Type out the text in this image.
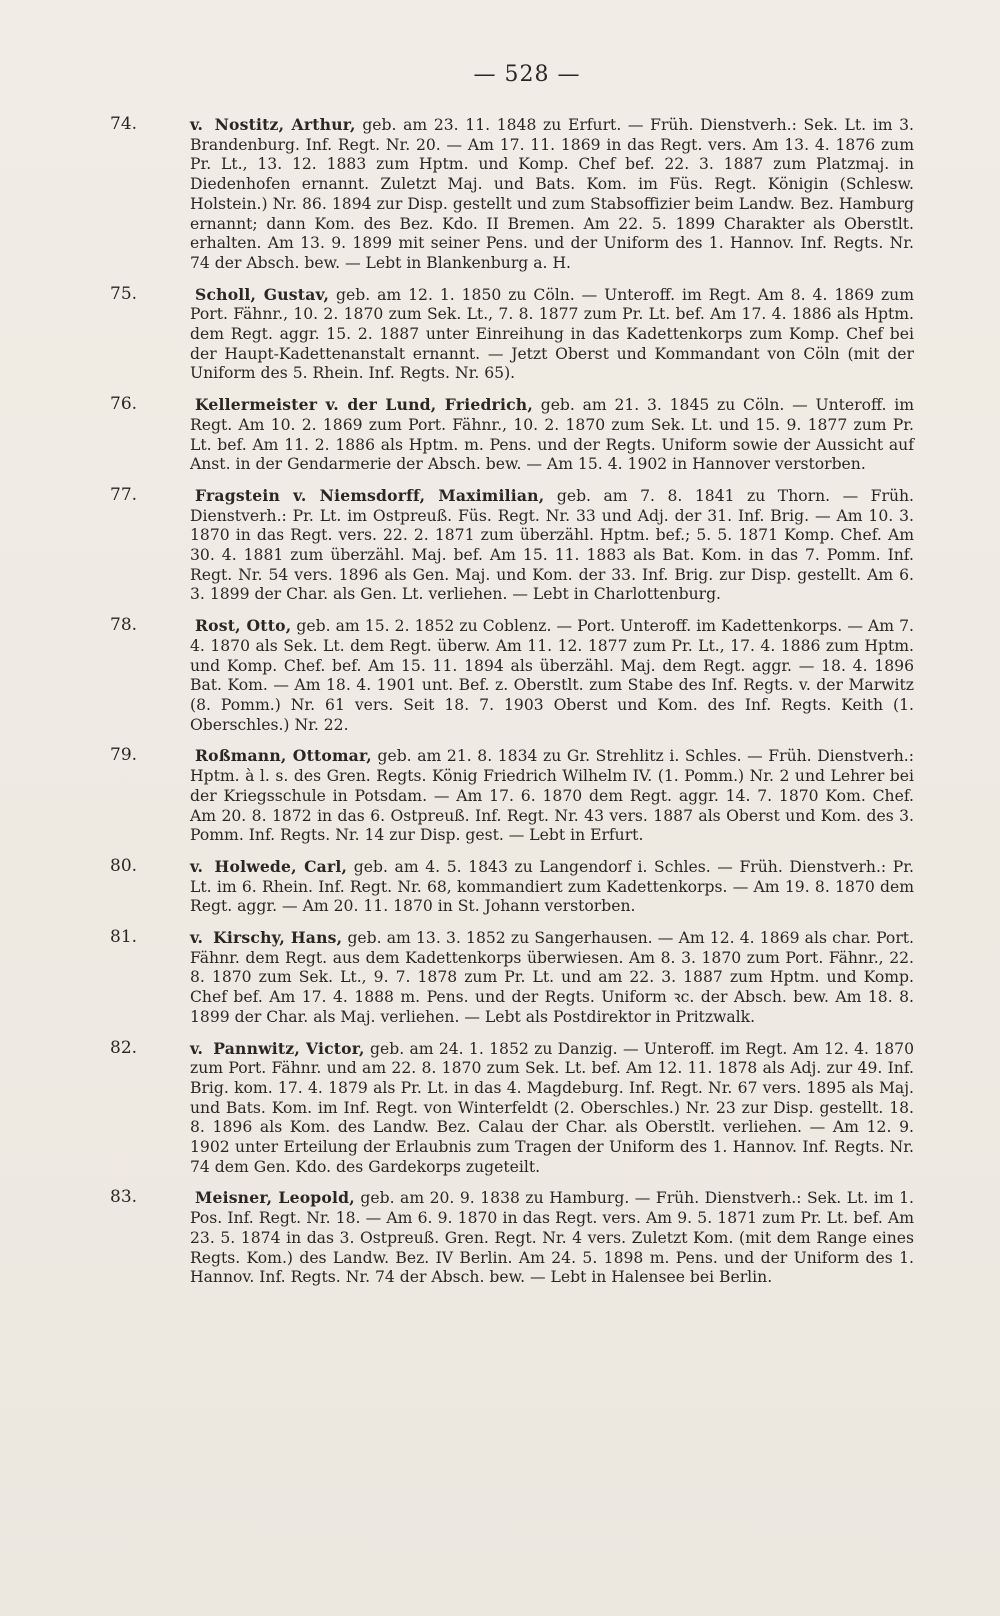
— 528 —
74.	v. Nostitz, Arthur, geb. am 23. 11. 1848 zu Erfurt. — Früh. Dienstverh.: Sek. Lt. im 3. Brandenburg. Inf. Regt. Nr. 20. — Am 17. 11. 1869 in das Regt. vers. Am 13. 4. 1876 zum Pr. Lt., 13. 12. 1883 zum Hptm. und Komp. Chef bef. 22. 3. 1887 zum Platzmaj. in Diedenhofen ernannt. Zuletzt Maj. und Bats. Kom. im Füs. Regt. Königin (Schlesw. Holstein.) Nr. 86. 1894 zur Disp. gestellt und zum Stabsoffizier beim Landw. Bez. Hamburg ernannt; dann Kom. des Bez. Kdo. II Bremen. Am 22. 5. 1899 Charakter als Oberstlt. erhalten. Am 13. 9. 1899 mit seiner Pens. und der Uniform des 1. Hannov. Inf. Regts. Nr. 74 der Absch. bew. — Lebt in Blankenburg a. H.
75.	Scholl, Gustav, geb. am 12. 1. 1850 zu Cöln. — Unteroff. im Regt. Am 8. 4. 1869 zum Port. Fähnr., 10. 2. 1870 zum Sek. Lt., 7. 8. 1877 zum Pr. Lt. bef. Am 17. 4. 1886 als Hptm. dem Regt. aggr. 15. 2. 1887 unter Einreihung in das Kadettenkorps zum Komp. Chef bei der Haupt-Kadettenanstalt ernannt. — Jetzt Oberst und Kommandant von Cöln (mit der Uniform des 5. Rhein. Inf. Regts. Nr. 65).
76.	Kellermeister v. der Lund, Friedrich, geb. am 21. 3. 1845 zu Cöln. — Unteroff. im Regt. Am 10. 2. 1869 zum Port. Fähnr., 10. 2. 1870 zum Sek. Lt. und 15. 9. 1877 zum Pr. Lt. bef. Am 11. 2. 1886 als Hptm. m. Pens. und der Regts. Uniform sowie der Aussicht auf Anst. in der Gendarmerie der Absch. bew. — Am 15. 4. 1902 in Hannover verstorben.
77.	Fragstein v. Niemsdorff, Maximilian, geb. am 7. 8. 1841 zu Thorn. — Früh. Dienstverh.: Pr. Lt. im Ostpreuß. Füs. Regt. Nr. 33 und Adj. der 31. Inf. Brig. — Am 10. 3. 1870 in das Regt. vers. 22. 2. 1871 zum überzähl. Hptm. bef.; 5. 5. 1871 Komp. Chef. Am 30. 4. 1881 zum überzähl. Maj. bef. Am 15. 11. 1883 als Bat. Kom. in das 7. Pomm. Inf. Regt. Nr. 54 vers. 1896 als Gen. Maj. und Kom. der 33. Inf. Brig. zur Disp. gestellt. Am 6. 3. 1899 der Char. als Gen. Lt. verliehen. — Lebt in Charlottenburg.
78.	Rost, Otto, geb. am 15. 2. 1852 zu Coblenz. — Port. Unteroff. im Kadettenkorps. — Am 7. 4. 1870 als Sek. Lt. dem Regt. überw. Am 11. 12. 1877 zum Pr. Lt., 17. 4. 1886 zum Hptm. und Komp. Chef. bef. Am 15. 11. 1894 als überzähl. Maj. dem Regt. aggr. — 18. 4. 1896 Bat. Kom. — Am 18. 4. 1901 unt. Bef. z. Oberstlt. zum Stabe des Inf. Regts. v. der Marwitz (8. Pomm.) Nr. 61 vers. Seit 18. 7. 1903 Oberst und Kom. des Inf. Regts. Keith (1. Oberschles.) Nr. 22.
79.	Roßmann, Ottomar, geb. am 21. 8. 1834 zu Gr. Strehlitz i. Schles. — Früh. Dienstverh.: Hptm. à l. s. des Gren. Regts. König Friedrich Wilhelm IV. (1. Pomm.) Nr. 2 und Lehrer bei der Kriegsschule in Potsdam. — Am 17. 6. 1870 dem Regt. aggr. 14. 7. 1870 Kom. Chef. Am 20. 8. 1872 in das 6. Ostpreuß. Inf. Regt. Nr. 43 vers. 1887 als Oberst und Kom. des 3. Pomm. Inf. Regts. Nr. 14 zur Disp. gest. — Lebt in Erfurt.
80.	v. Holwede, Carl, geb. am 4. 5. 1843 zu Langendorf i. Schles. — Früh. Dienstverh.: Pr. Lt. im 6. Rhein. Inf. Regt. Nr. 68, kommandiert zum Kadettenkorps. — Am 19. 8. 1870 dem Regt. aggr. — Am 20. 11. 1870 in St. Johann verstorben.
81.	v. Kirschy, Hans, geb. am 13. 3. 1852 zu Sangerhausen. — Am 12. 4. 1869 als char. Port. Fähnr. dem Regt. aus dem Kadettenkorps überwiesen. Am 8. 3. 1870 zum Port. Fähnr., 22. 8. 1870 zum Sek. Lt., 9. 7. 1878 zum Pr. Lt. und am 22. 3. 1887 zum Hptm. und Komp. Chef bef. Am 17. 4. 1888 m. Pens. und der Regts. Uniform ꝛc. der Absch. bew. Am 18. 8. 1899 der Char. als Maj. verliehen. — Lebt als Postdirektor in Pritzwalk.
82.	v. Pannwitz, Victor, geb. am 24. 1. 1852 zu Danzig. — Unteroff. im Regt. Am 12. 4. 1870 zum Port. Fähnr. und am 22. 8. 1870 zum Sek. Lt. bef. Am 12. 11. 1878 als Adj. zur 49. Inf. Brig. kom. 17. 4. 1879 als Pr. Lt. in das 4. Magdeburg. Inf. Regt. Nr. 67 vers. 1895 als Maj. und Bats. Kom. im Inf. Regt. von Winterfeldt (2. Oberschles.) Nr. 23 zur Disp. gestellt. 18. 8. 1896 als Kom. des Landw. Bez. Calau der Char. als Oberstlt. verliehen. — Am 12. 9. 1902 unter Erteilung der Erlaubnis zum Tragen der Uniform des 1. Hannov. Inf. Regts. Nr. 74 dem Gen. Kdo. des Gardekorps zugeteilt.
83.	Meisner, Leopold, geb. am 20. 9. 1838 zu Hamburg. — Früh. Dienstverh.: Sek. Lt. im 1. Pos. Inf. Regt. Nr. 18. — Am 6. 9. 1870 in das Regt. vers. Am 9. 5. 1871 zum Pr. Lt. bef. Am 23. 5. 1874 in das 3. Ostpreuß. Gren. Regt. Nr. 4 vers. Zuletzt Kom. (mit dem Range eines Regts. Kom.) des Landw. Bez. IV Berlin. Am 24. 5. 1898 m. Pens. und der Uniform des 1. Hannov. Inf. Regts. Nr. 74 der Absch. bew. — Lebt in Halensee bei Berlin.
